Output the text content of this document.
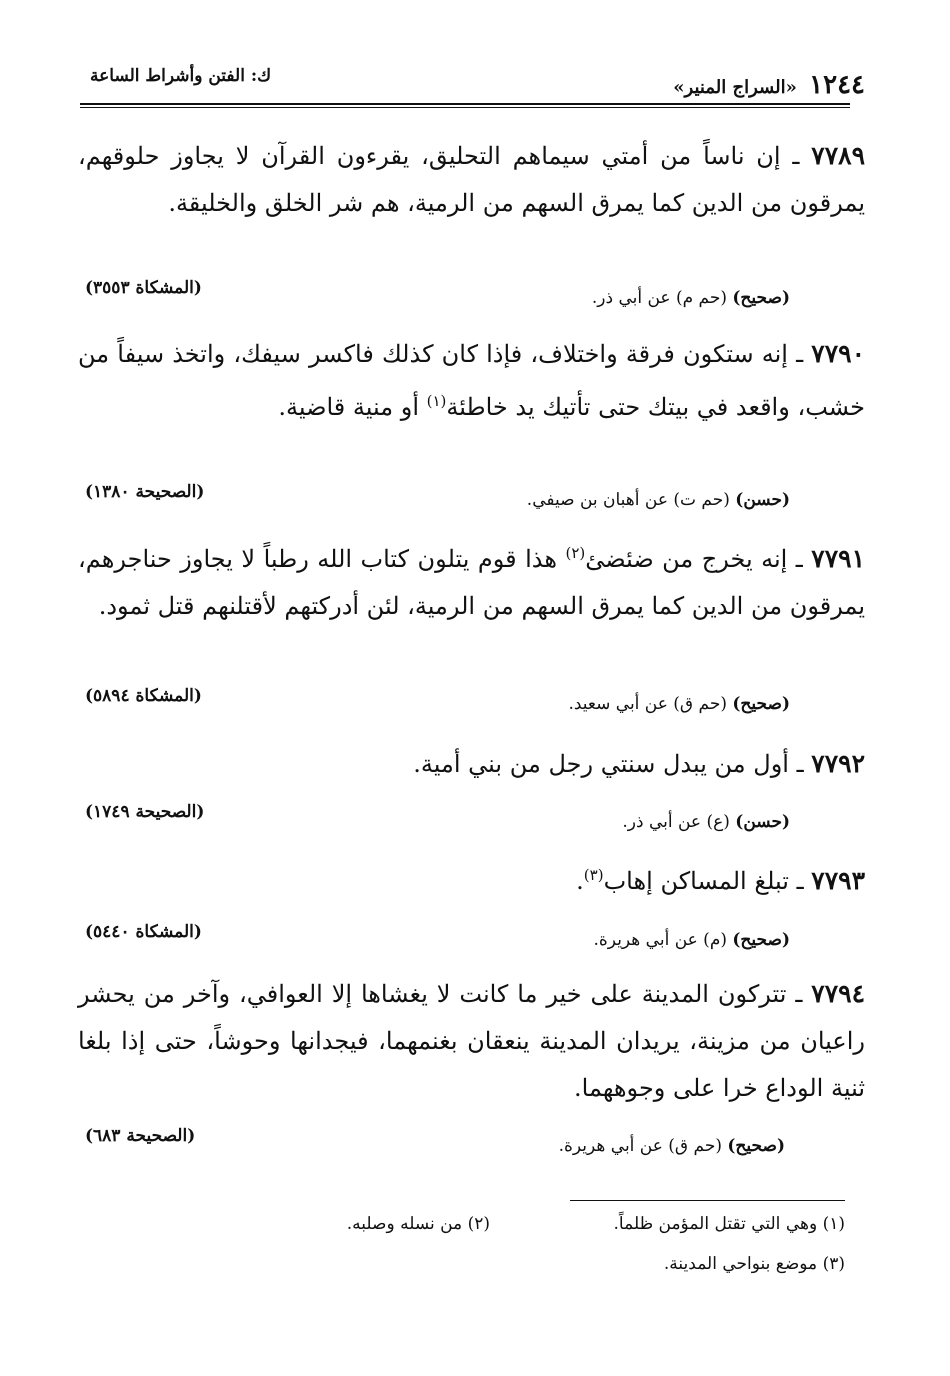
١٢٤٤ «السراج المنير»
ك: الفتن وأشراط الساعة
٧٧٨٩ ـ إن ناساً من أمتي سيماهم التحليق، يقرءون القرآن لا يجاوز حلوقهم، يمرقون من الدين كما يمرق السهم من الرمية، هم شر الخلق والخليقة.
(صحيح) (حم م) عن أبي ذر.
(المشكاة ٣٥٥٣)
٧٧٩٠ ـ إنه ستكون فرقة واختلاف، فإذا كان كذلك فاكسر سيفك، واتخذ سيفاً من خشب، واقعد في بيتك حتى تأتيك يد خاطئة$^{(١)}$ أو منية قاضية.
(حسن) (حم ت) عن أهبان بن صيفي.
(الصحيحة ١٣٨٠)
٧٧٩١ ـ إنه يخرج من ضئضئ$^{(٢)}$ هذا قوم يتلون كتاب الله رطباً لا يجاوز حناجرهم، يمرقون من الدين كما يمرق السهم من الرمية، لئن أدركتهم لأقتلنهم قتل ثمود.
(صحيح) (حم ق) عن أبي سعيد.
(المشكاة ٥٨٩٤)
٧٧٩٢ ـ أول من يبدل سنتي رجل من بني أمية.
(حسن) (ع) عن أبي ذر.
(الصحيحة ١٧٤٩)
٧٧٩٣ ـ تبلغ المساكن إهاب$^{(٣)}$.
(صحيح) (م) عن أبي هريرة.
(المشكاة ٥٤٤٠)
٧٧٩٤ ـ تتركون المدينة على خير ما كانت لا يغشاها إلا العوافي، وآخر من يحشر راعيان من مزينة، يريدان المدينة ينعقان بغنمهما، فيجدانها وحوشاً، حتى إذا بلغا ثنية الوداع خرا على وجوههما.
(صحيح) (حم ق) عن أبي هريرة.
(الصحيحة ٦٨٣)
(١) وهي التي تقتل المؤمن ظلماً.
(٢) من نسله وصلبه.
(٣) موضع بنواحي المدينة.
